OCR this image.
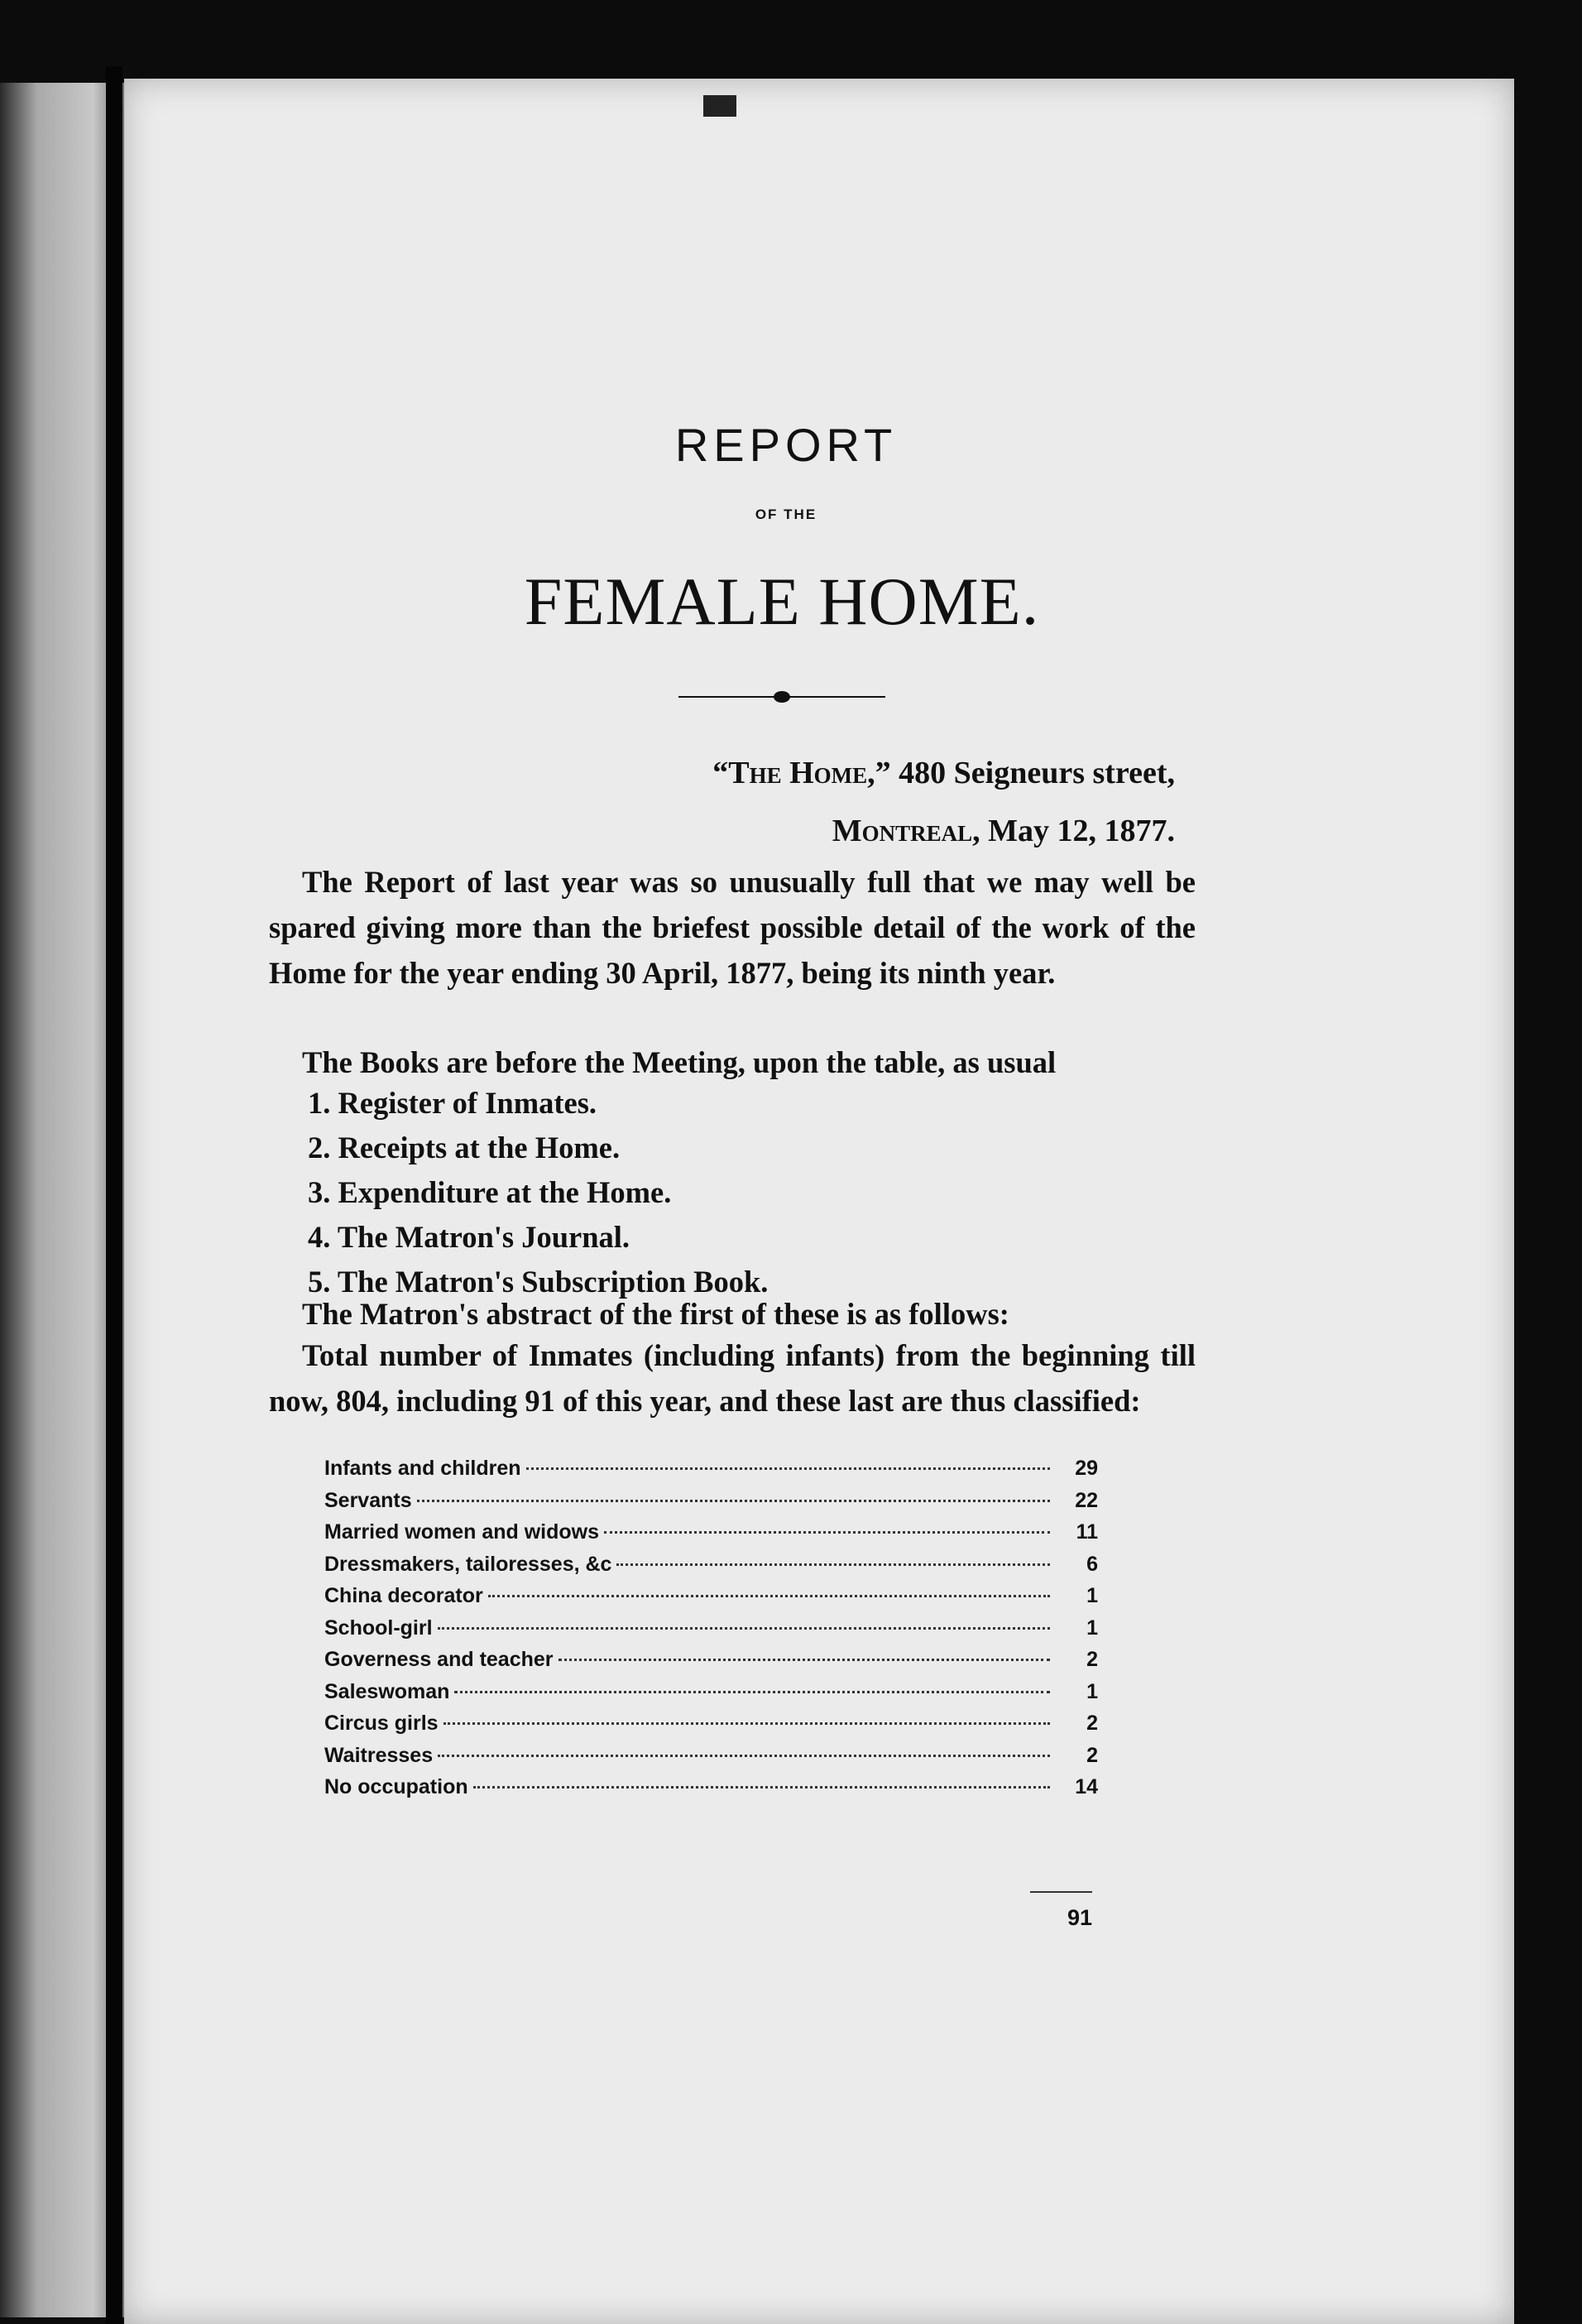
REPORT
OF THE
FEMALE HOME.
“The Home,” 480 Seigneurs street,
Montreal, May 12, 1877.

The Report of last year was so unusually full that we may well be spared giving more than the briefest possible detail of the work of the Home for the year ending 30 April, 1877, being its ninth year.

The Books are before the Meeting, upon the table, as usual

1. Register of Inmates.
2. Receipts at the Home.
3. Expenditure at the Home.
4. The Matron's Journal.
5. The Matron's Subscription Book.

The Matron's abstract of the first of these is as follows:

Total number of Inmates (including infants) from the beginning till now, 804, including 91 of this year, and these last are thus classified:

Infants and children	29
Servants	22
Married women and widows	11
Dressmakers, tailoresses, &c	6
China decorator	1
School-girl	1
Governess and teacher	2
Saleswoman	1
Circus girls	2
Waitresses	2
No occupation	14
91
